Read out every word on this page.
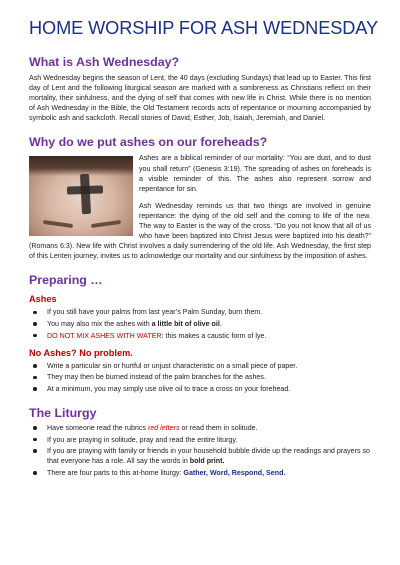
HOME WORSHIP FOR ASH WEDNESDAY
What is Ash Wednesday?

Ash Wednesday begins the season of Lent, the 40 days (excluding Sundays) that lead up to Easter. This first day of Lent and the following liturgical season are marked with a sombreness as Christians reflect on their mortality, their sinfulness, and the dying of self that comes with new life in Christ. While there is no mention of Ash Wednesday in the Bible, the Old Testament records acts of repentance or mourning accompanied by symbolic ash and sackcloth. Recall stories of David, Esther, Job, Isaiah, Jeremiah, and Daniel.

Why do we put ashes on our foreheads?

Ashes are a biblical reminder of our mortality: “You are dust, and to dust you shall return” (Genesis 3:19). The spreading of ashes on foreheads is a visible reminder of this. The ashes also represent sorrow and repentance for sin.

Ash Wednesday reminds us that two things are involved in genuine repentance: the dying of the old self and the coming to life of the new. The way to Easter is the way of the cross. “Do you not know that all of us who have been baptized into Christ Jesus were baptized into his death?” (Romans 6:3). New life with Christ involves a daily surrendering of the old life. Ash Wednesday, the first step of this Lenten journey, invites us to acknowledge our mortality and our sinfulness by the imposition of ashes.

Preparing …
Ashes
If you still have your palms from last year’s Palm Sunday, burn them.
You may also mix the ashes with a little bit of olive oil.
DO NOT MIX ASHES WITH WATER: this makes a caustic form of lye.
No Ashes? No problem.
Write a particular sin or hurtful or unjust characteristic on a small piece of paper.
They may then be burned instead of the palm branches for the ashes.
At a minimum, you may simply use olive oil to trace a cross on your forehead.
The Liturgy
Have someone read the rubrics red letters or read them in solitude.
If you are praying in solitude, pray and read the entire liturgy.
If you are praying with family or friends in your household bubble divide up the readings and prayers so that everyone has a role. All say the words in bold print.
There are four parts to this at-home liturgy: Gather, Word, Respond, Send.
